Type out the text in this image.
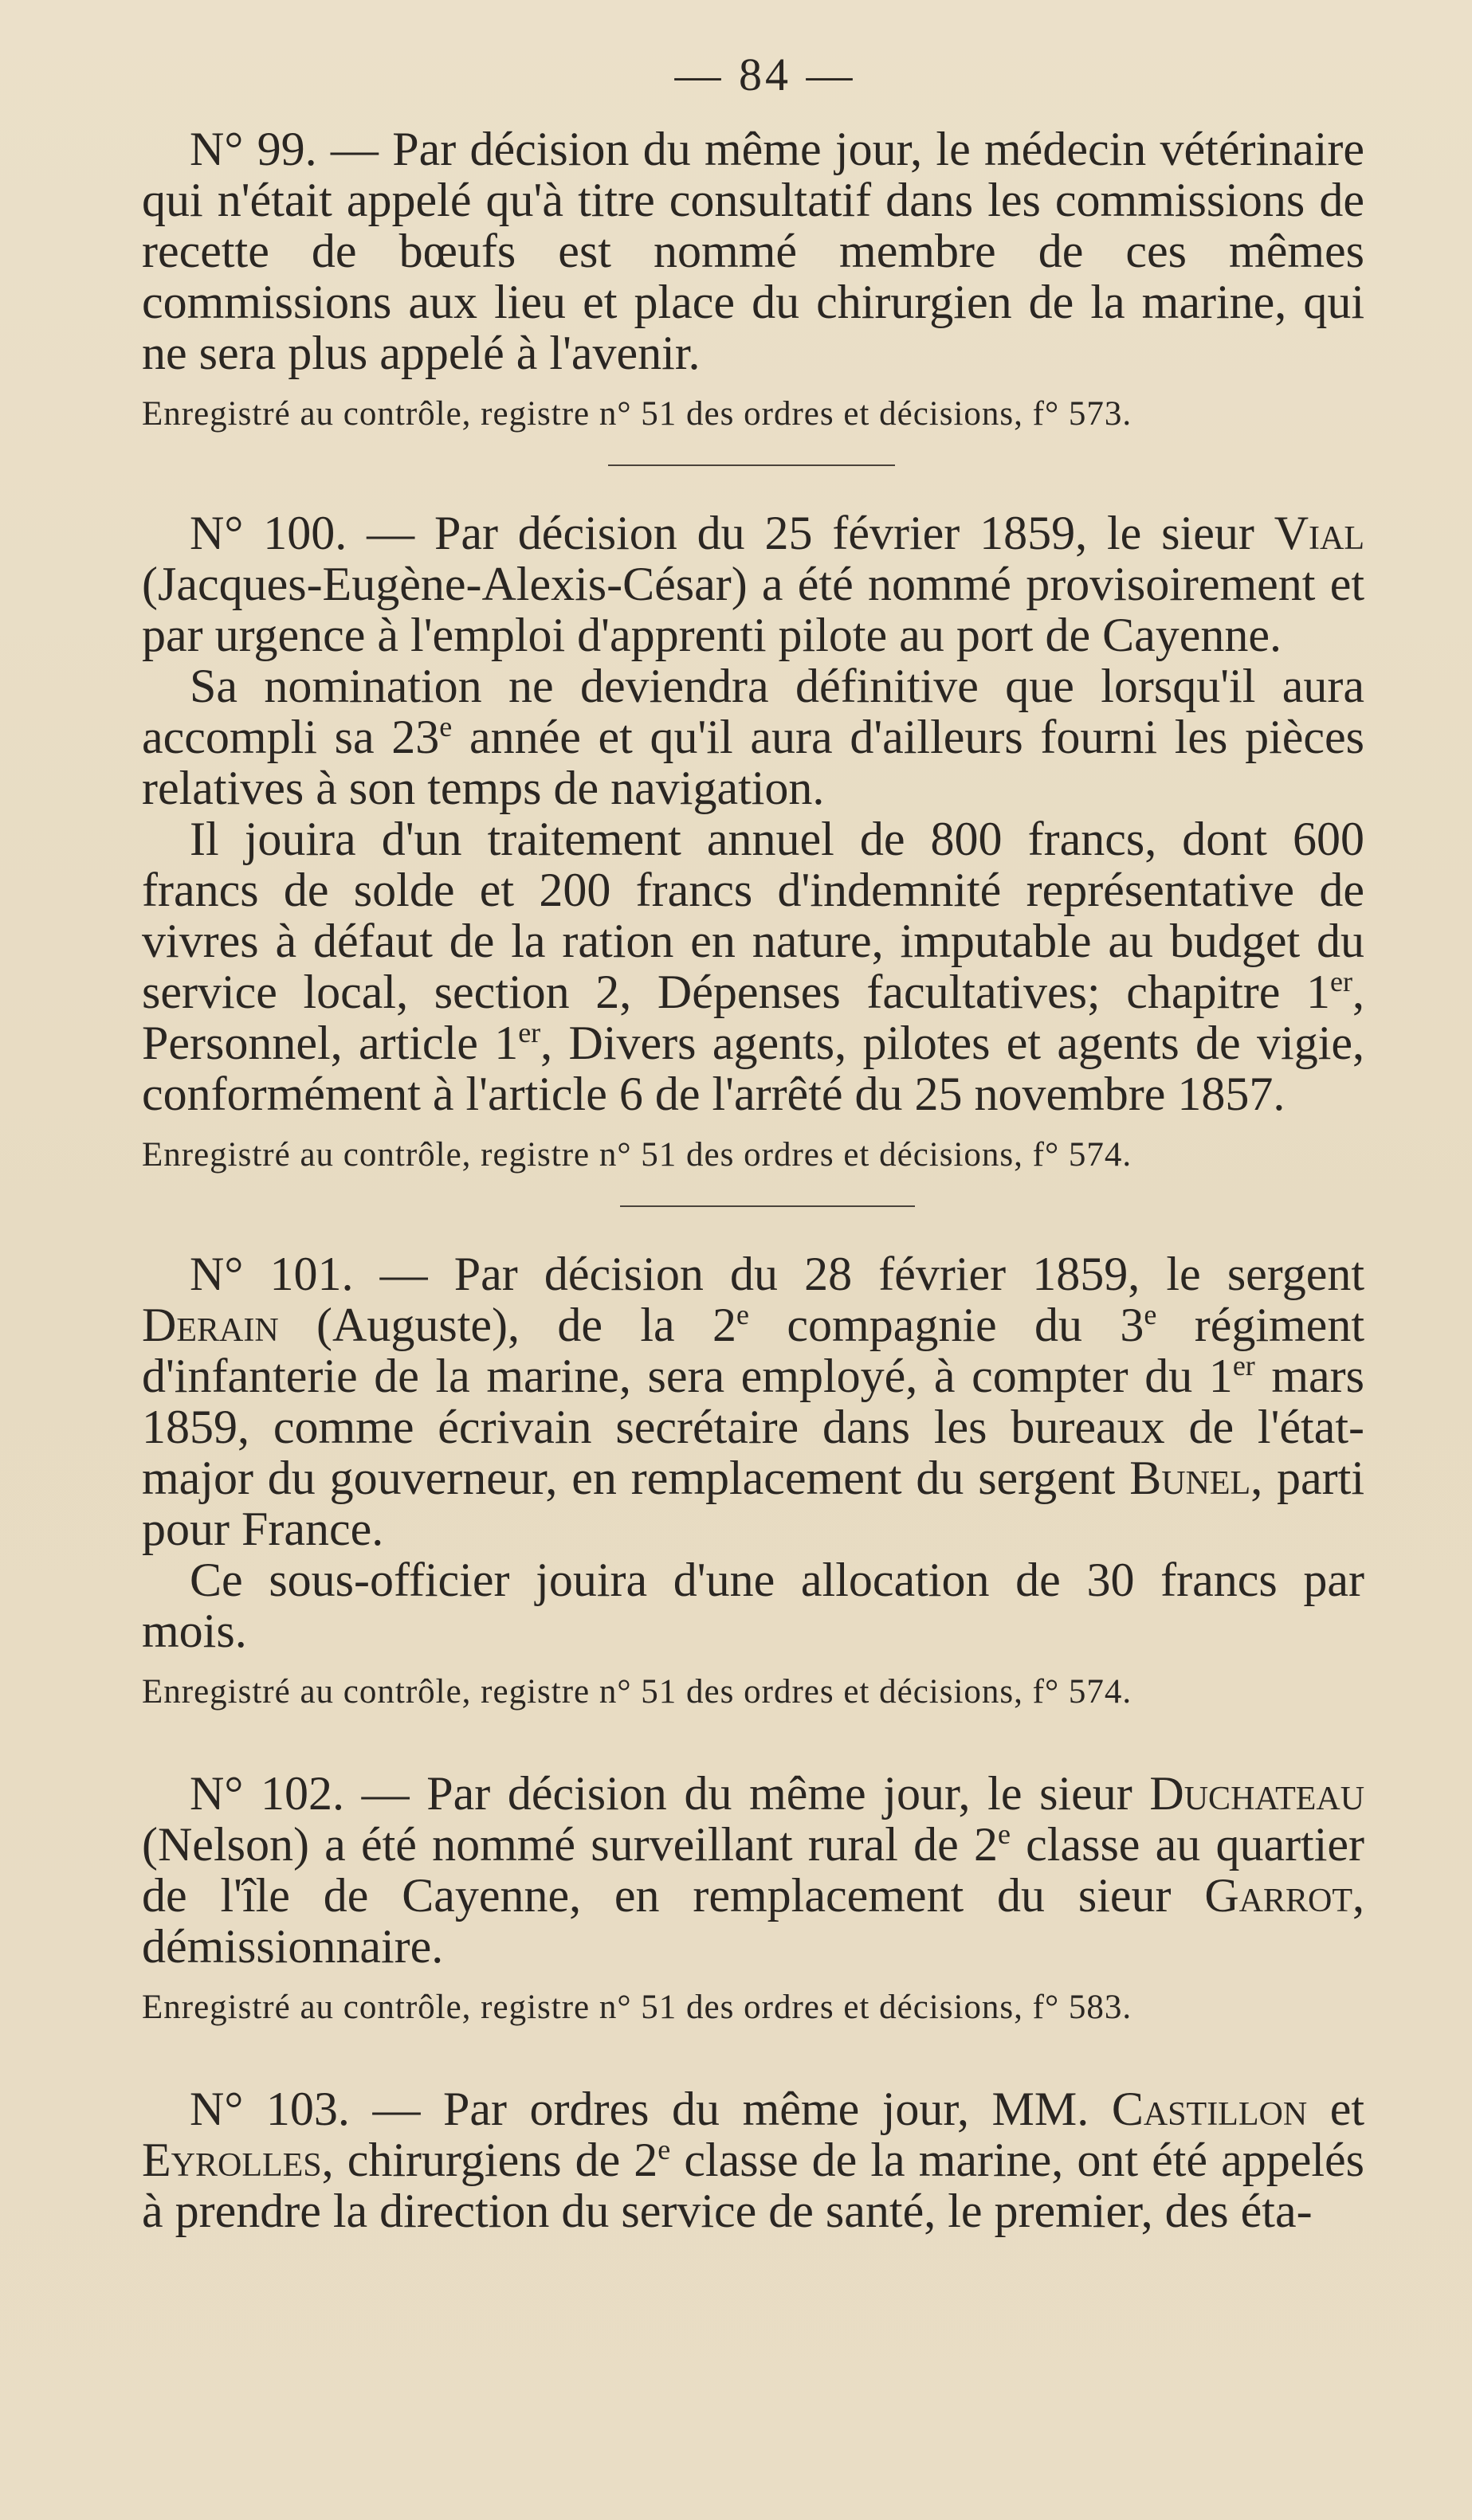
— 84 —

N° 99. — Par décision du même jour, le médecin vétérinaire qui n'était appelé qu'à titre consultatif dans les commissions de recette de bœufs est nommé membre de ces mêmes commissions aux lieu et place du chirurgien de la marine, qui ne sera plus appelé à l'avenir.

Enregistré au contrôle, registre n° 51 des ordres et décisions, f° 573.

N° 100. — Par décision du 25 février 1859, le sieur Vial (Jacques-Eugène-Alexis-César) a été nommé provisoirement et par urgence à l'emploi d'apprenti pilote au port de Cayenne.

Sa nomination ne deviendra définitive que lorsqu'il aura accompli sa 23e année et qu'il aura d'ailleurs fourni les pièces relatives à son temps de navigation.

Il jouira d'un traitement annuel de 800 francs, dont 600 francs de solde et 200 francs d'indemnité représentative de vivres à défaut de la ration en nature, imputable au budget du service local, section 2, Dépenses facultatives; chapitre 1er, Personnel, article 1er, Divers agents, pilotes et agents de vigie, conformément à l'article 6 de l'arrêté du 25 novembre 1857.

Enregistré au contrôle, registre n° 51 des ordres et décisions, f° 574.

N° 101. — Par décision du 28 février 1859, le sergent Derain (Auguste), de la 2e compagnie du 3e régiment d'infanterie de la marine, sera employé, à compter du 1er mars 1859, comme écrivain secrétaire dans les bureaux de l'état-major du gouverneur, en remplacement du sergent Bunel, parti pour France.

Ce sous-officier jouira d'une allocation de 30 francs par mois.

Enregistré au contrôle, registre n° 51 des ordres et décisions, f° 574.

N° 102. — Par décision du même jour, le sieur Duchateau (Nelson) a été nommé surveillant rural de 2e classe au quartier de l'île de Cayenne, en remplacement du sieur Garrot, démissionnaire.

Enregistré au contrôle, registre n° 51 des ordres et décisions, f° 583.

N° 103. — Par ordres du même jour, MM. Castillon et Eyrolles, chirurgiens de 2e classe de la marine, ont été appelés à prendre la direction du service de santé, le premier, des éta-
